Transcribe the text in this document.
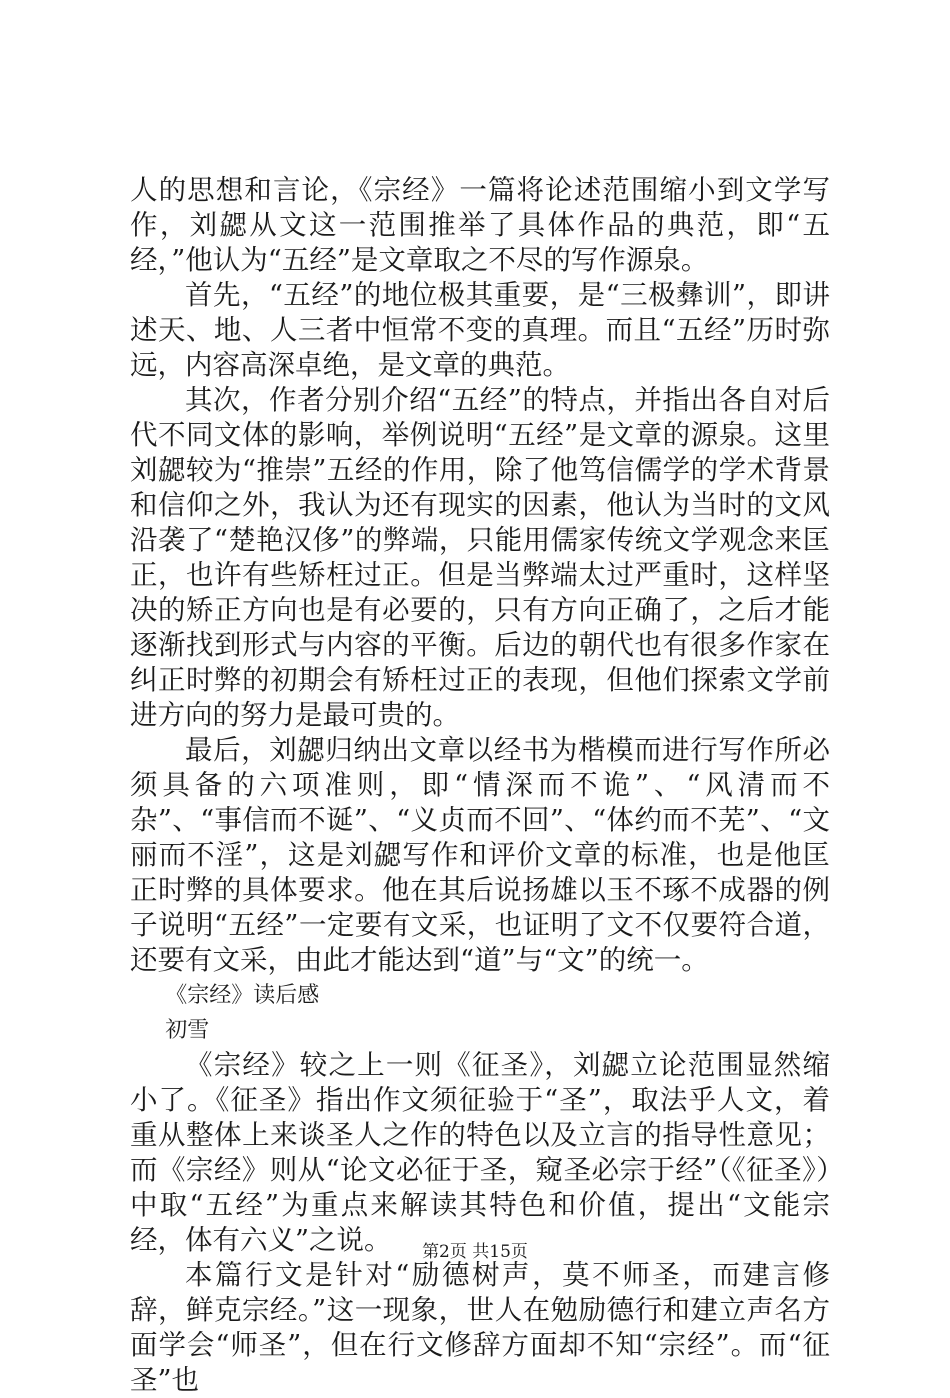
人的思想和言论，《宗经》一篇将论述范围缩小到文学写作，刘勰从文这一范围推举了具体作品的典范，即“五经，”他认为“五经”是文章取之不尽的写作源泉。

首先，“五经”的地位极其重要，是“三极彝训”，即讲述天、地、人三者中恒常不变的真理。而且“五经”历时弥远，内容高深卓绝，是文章的典范。

其次，作者分别介绍“五经”的特点，并指出各自对后代不同文体的影响，举例说明“五经”是文章的源泉。这里刘勰较为“推崇”五经的作用，除了他笃信儒学的学术背景和信仰之外，我认为还有现实的因素，他认为当时的文风沿袭了“楚艳汉侈”的弊端，只能用儒家传统文学观念来匡正，也许有些矫枉过正。但是当弊端太过严重时，这样坚决的矫正方向也是有必要的，只有方向正确了，之后才能逐渐找到形式与内容的平衡。后边的朝代也有很多作家在纠正时弊的初期会有矫枉过正的表现，但他们探索文学前进方向的努力是最可贵的。

最后，刘勰归纳出文章以经书为楷模而进行写作所必须具备的六项准则，即“情深而不诡”、“风清而不杂”、“事信而不诞”、“义贞而不回”、“体约而不芜”、“文丽而不淫”，这是刘勰写作和评价文章的标准，也是他匡正时弊的具体要求。他在其后说扬雄以玉不琢不成器的例子说明“五经”一定要有文采，也证明了文不仅要符合道，还要有文采，由此才能达到“道”与“文”的统一。

《宗经》读后感

初雪

《宗经》较之上一则《征圣》，刘勰立论范围显然缩小了。《征圣》指出作文须征验于“圣”，取法乎人文，着重从整体上来谈圣人之作的特色以及立言的指导性意见；而《宗经》则从“论文必征于圣，窥圣必宗于经”（《征圣》）中取“五经”为重点来解读其特色和价值，提出“文能宗经，体有六义”之说。

本篇行文是针对“励德树声，莫不师圣，而建言修辞，鲜克宗经。”这一现象，世人在勉励德行和建立声名方面学会“师圣”，但在行文修辞方面却不知“宗经”。而“征圣”也

第2页 共15页
